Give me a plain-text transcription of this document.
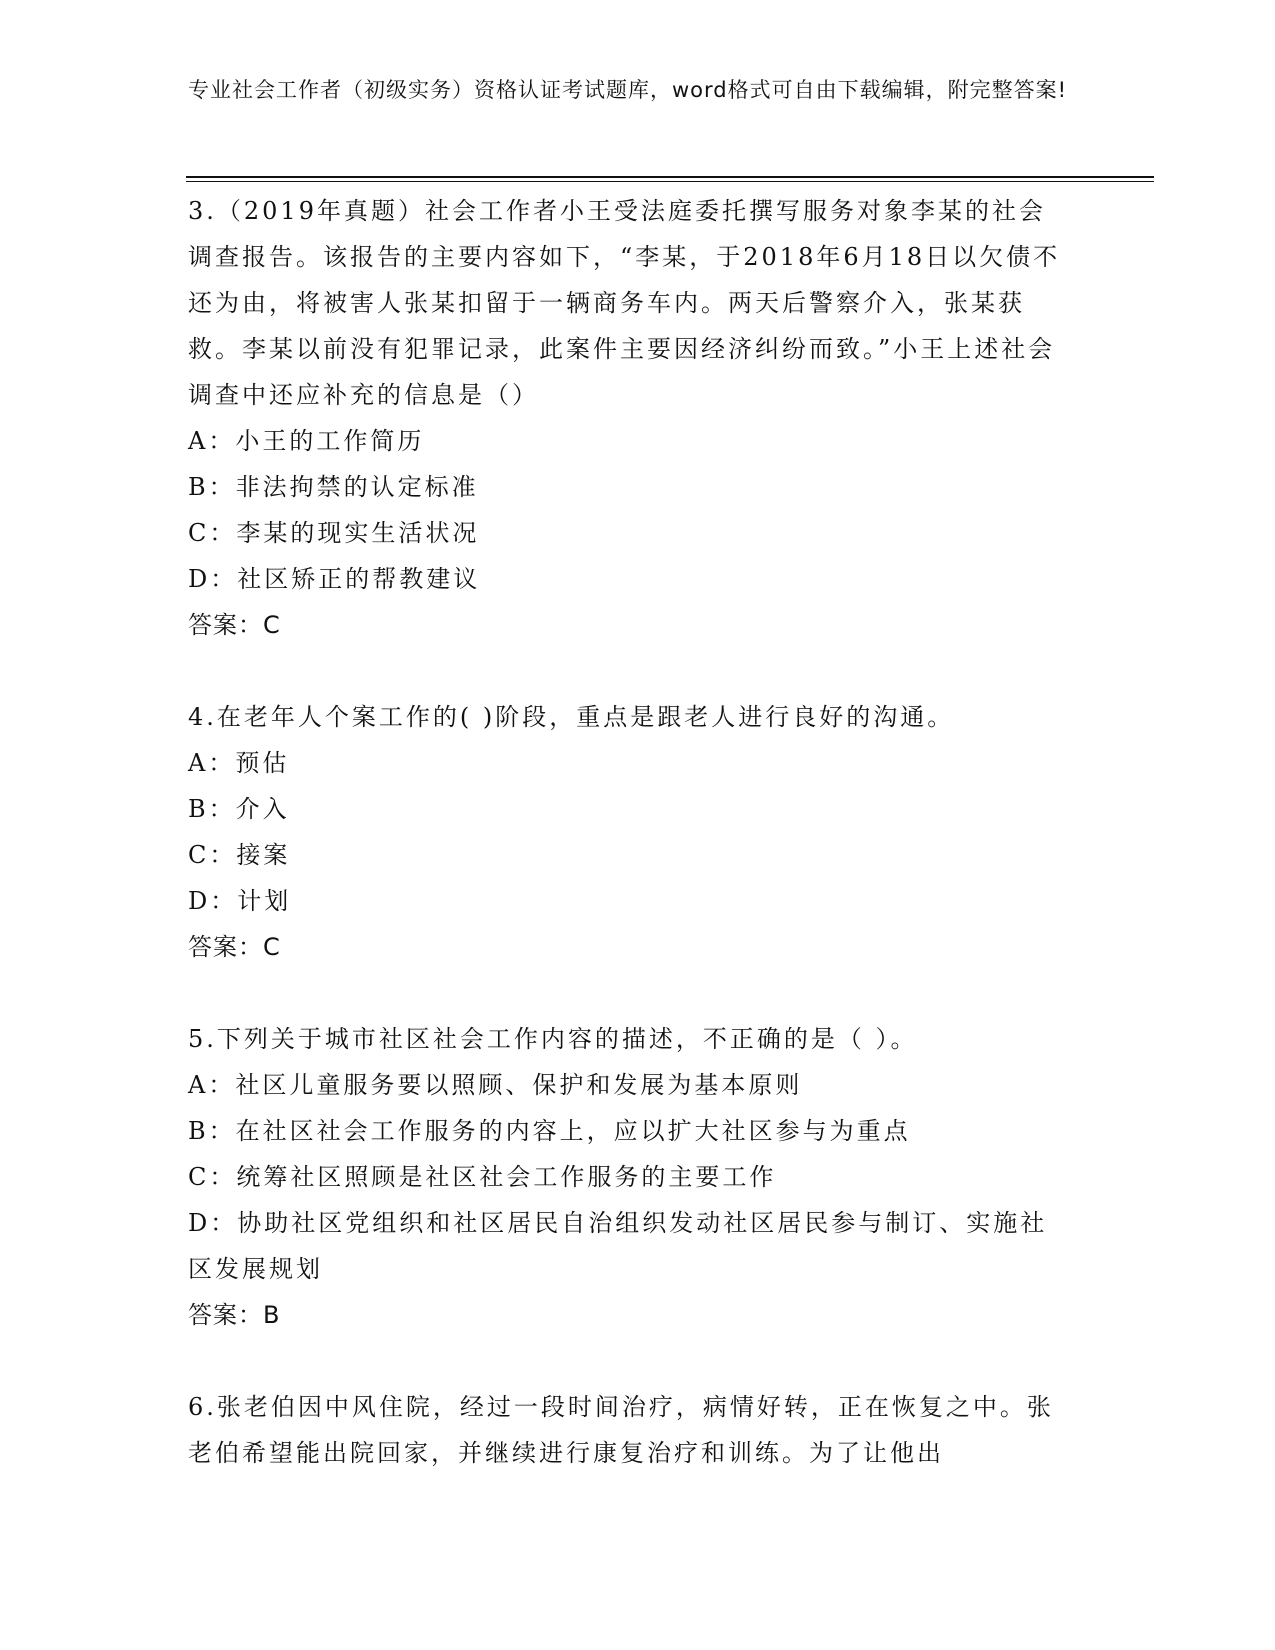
专业社会工作者（初级实务）资格认证考试题库，word格式可自由下载编辑，附完整答案!
3.（2019年真题）社会工作者小王受法庭委托撰写服务对象李某的社会调查报告。该报告的主要内容如下，“李某，于2018年6月18日以欠债不还为由，将被害人张某扣留于一辆商务车内。两天后警察介入，张某获救。李某以前没有犯罪记录，此案件主要因经济纠纷而致。”小王上述社会调查中还应补充的信息是（）
A：小王的工作简历
B：非法拘禁的认定标准
C：李某的现实生活状况
D：社区矫正的帮教建议
答案：C
4.在老年人个案工作的( )阶段，重点是跟老人进行良好的沟通。
A：预估
B：介入
C：接案
D：计划
答案：C
5.下列关于城市社区社会工作内容的描述，不正确的是（ ）。
A：社区儿童服务要以照顾、保护和发展为基本原则
B：在社区社会工作服务的内容上，应以扩大社区参与为重点
C：统筹社区照顾是社区社会工作服务的主要工作
D：协助社区党组织和社区居民自治组织发动社区居民参与制订、实施社区发展规划
答案：B
6.张老伯因中风住院，经过一段时间治疗，病情好转，正在恢复之中。张老伯希望能出院回家，并继续进行康复治疗和训练。为了让他出
